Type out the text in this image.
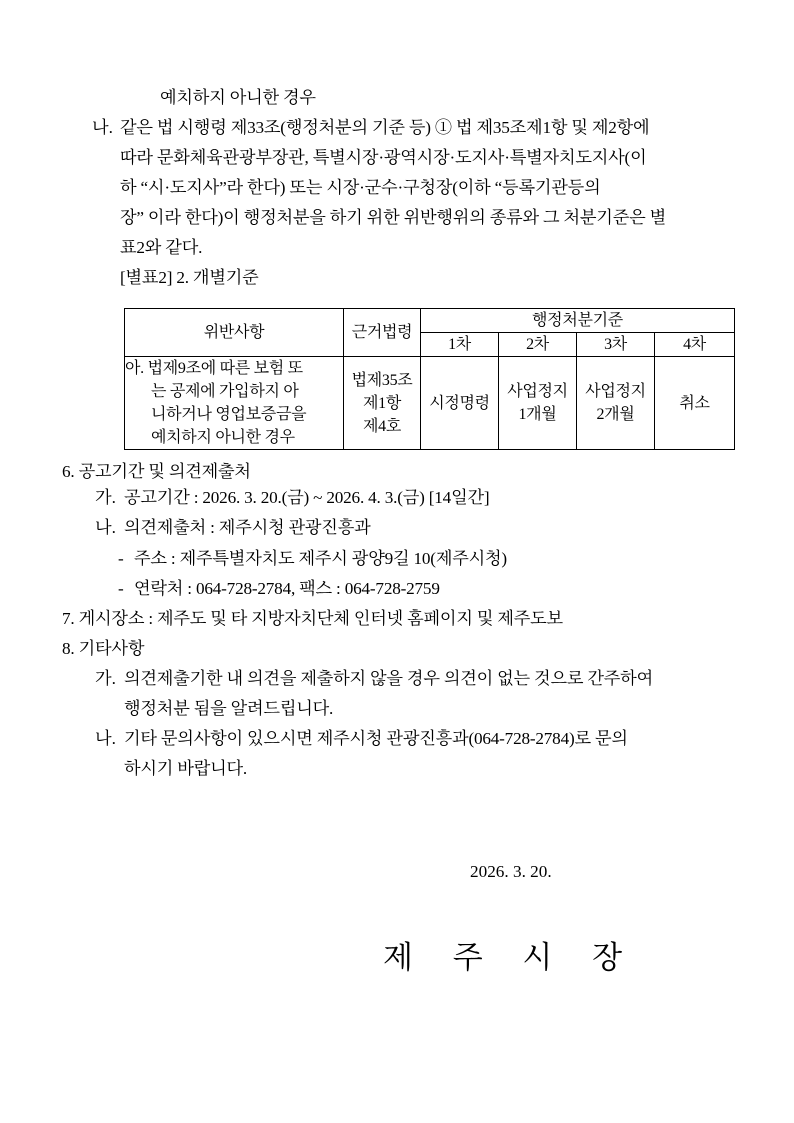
예치하지 아니한 경우
나. 같은 법 시행령 제33조(행정처분의 기준 등) ① 법 제35조제1항 및 제2항에
따라 문화체육관광부장관, 특별시장·광역시장·도지사·특별자치도지사(이
하 “시·도지사”라 한다) 또는 시장·군수·구청장(이하 “등록기관등의
장” 이라 한다)이 행정처분을 하기 위한 위반행위의 종류와 그 처분기준은 별
표2와 같다.
[별표2] 2. 개별기준
위반사항	근거법령	행정처분기준			
		1차	2차	3차	4차

아. 법제9조에 따른 보험 또
는 공제에 가입하지 아
니하거나 영업보증금을
예치하지 아니한 경우	법제35조
제1항
제4호	시정명령	사업정지
1개월	사업정지
2개월	취소
6. 공고기간 및 의견제출처
가. 공고기간 : 2026. 3. 20.(금) ~ 2026. 4. 3.(금) [14일간]
나. 의견제출처 : 제주시청 관광진흥과
- 주소 : 제주특별자치도 제주시 광양9길 10(제주시청)
- 연락처 : 064-728-2784, 팩스 : 064-728-2759
7. 게시장소 : 제주도 및 타 지방자치단체 인터넷 홈페이지 및 제주도보
8. 기타사항
가. 의견제출기한 내 의견을 제출하지 않을 경우 의견이 없는 것으로 간주하여
행정처분 됨을 알려드립니다.
나. 기타 문의사항이 있으시면 제주시청 관광진흥과(064-728-2784)로 문의
하시기 바랍니다.
2026. 3. 20.
제 주 시 장
